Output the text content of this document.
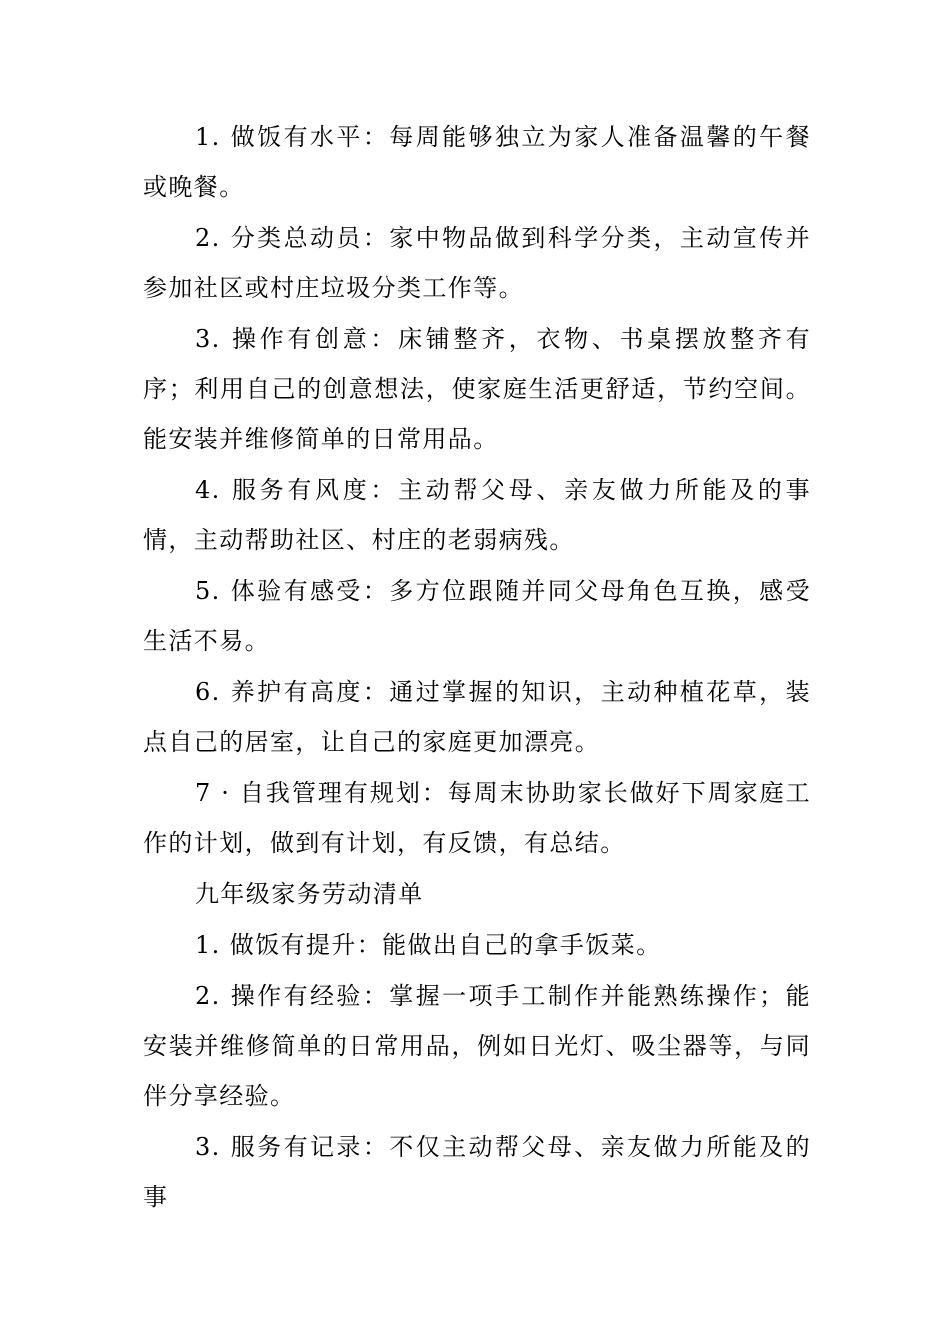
1. 做饭有水平：每周能够独立为家人准备温馨的午餐或晚餐。

2. 分类总动员：家中物品做到科学分类，主动宣传并参加社区或村庄垃圾分类工作等。

3. 操作有创意：床铺整齐，衣物、书桌摆放整齐有序；利用自己的创意想法，使家庭生活更舒适，节约空间。能安装并维修简单的日常用品。

4. 服务有风度：主动帮父母、亲友做力所能及的事情，主动帮助社区、村庄的老弱病残。

5. 体验有感受：多方位跟随并同父母角色互换，感受生活不易。

6. 养护有高度：通过掌握的知识，主动种植花草，装点自己的居室，让自己的家庭更加漂亮。

7 · 自我管理有规划：每周末协助家长做好下周家庭工作的计划，做到有计划，有反馈，有总结。

九年级家务劳动清单

1. 做饭有提升：能做出自己的拿手饭菜。

2. 操作有经验：掌握一项手工制作并能熟练操作；能安装并维修简单的日常用品，例如日光灯、吸尘器等，与同伴分享经验。

3. 服务有记录：不仅主动帮父母、亲友做力所能及的事
